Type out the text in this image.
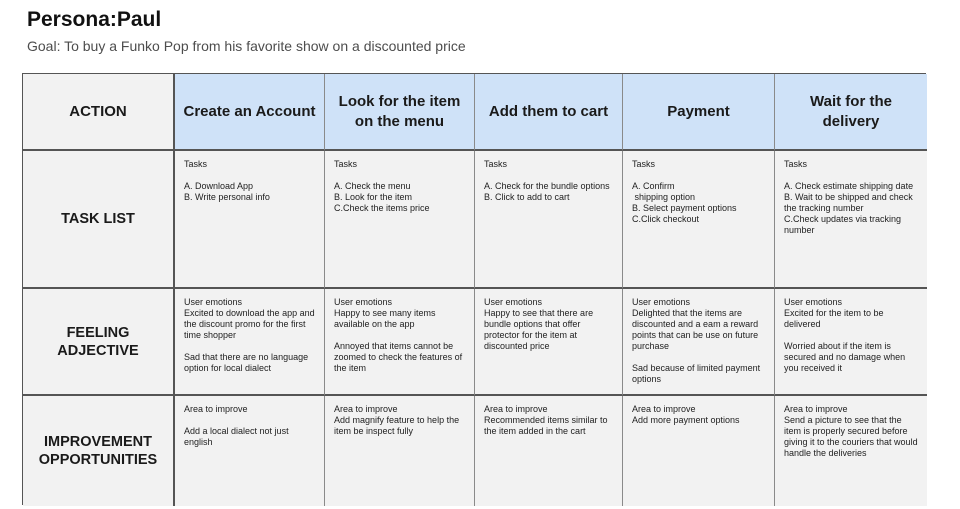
Persona:Paul
Goal: To buy a Funko Pop from his favorite show on a discounted price
ACTION	Create an Account
Look for the item on the menu
Add them to cart	Payment
Wait for the delivery
TASK LIST
Tasks
A. Download App
B. Write personal info
Tasks
A. Check the menu
B. Look for the item
C.Check the items price
Tasks
A. Check for the bundle options
B. Click to add to cart
Tasks
A. Confirm
shipping option
B. Select payment options
C.Click checkout
Tasks
A. Check estimate shipping date
B. Wait to be shipped and check the tracking number
C.Check updates via tracking number
FEELING ADJECTIVE
User emotions
Excited to download the app and the discount promo for the first time shopper
Sad that there are no language option for local dialect
User emotions
Happy to see many items available on the app
Annoyed that items cannot be zoomed to check the features of the item
User emotions
Happy to see that there are bundle options that offer protector for the item at discounted price
User emotions
Delighted that the items are discounted and a eam a reward points that can be use on future purchase
Sad because of limited payment options
User emotions
Excited for the item to be delivered
Worried about if the item is secured and no damage when you received it
IMPROVEMENT OPPORTUNITIES
Area to improve
Add a local dialect not just english
Area to improve
Add magnify feature to help the item be inspect fully
Area to improve
Recommended items similar to the item added in the cart
Area to improve
Add more payment options
Area to improve
Send a picture to see that the item is properly secured before giving it to the couriers that would handle the deliveries
